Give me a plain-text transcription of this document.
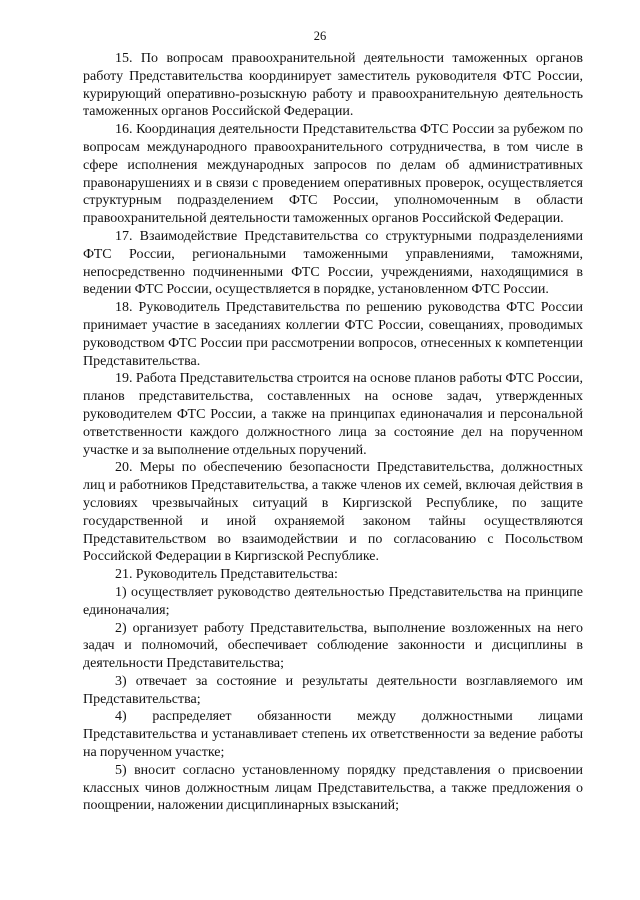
26

15. По вопросам правоохранительной деятельности таможенных органов работу Представительства координирует заместитель руководителя ФТС России, курирующий оперативно-розыскную работу и правоохранительную деятельность таможенных органов Российской Федерации.

16. Координация деятельности Представительства ФТС России за рубежом по вопросам международного правоохранительного сотрудничества, в том числе в сфере исполнения международных запросов по делам об административных правонарушениях и в связи с проведением оперативных проверок, осуществляется структурным подразделением ФТС России, уполномоченным в области правоохранительной деятельности таможенных органов Российской Федерации.

17. Взаимодействие Представительства со структурными подразделениями ФТС России, региональными таможенными управлениями, таможнями, непосредственно подчиненными ФТС России, учреждениями, находящимися в ведении ФТС России, осуществляется в порядке, установленном ФТС России.

18. Руководитель Представительства по решению руководства ФТС России принимает участие в заседаниях коллегии ФТС России, совещаниях, проводимых руководством ФТС России при рассмотрении вопросов, отнесенных к компетенции Представительства.

19. Работа Представительства строится на основе планов работы ФТС России, планов представительства, составленных на основе задач, утвержденных руководителем ФТС России, а также на принципах единоначалия и персональной ответственности каждого должностного лица за состояние дел на порученном участке и за выполнение отдельных поручений.

20. Меры по обеспечению безопасности Представительства, должностных лиц и работников Представительства, а также членов их семей, включая действия в условиях чрезвычайных ситуаций в Киргизской Республике, по защите государственной и иной охраняемой законом тайны осуществляются Представительством во взаимодействии и по согласованию с Посольством Российской Федерации в Киргизской Республике.

21. Руководитель Представительства:

1) осуществляет руководство деятельностью Представительства на принципе единоначалия;

2) организует работу Представительства, выполнение возложенных на него задач и полномочий, обеспечивает соблюдение законности и дисциплины в деятельности Представительства;

3) отвечает за состояние и результаты деятельности возглавляемого им Представительства;

4) распределяет обязанности между должностными лицами Представительства и устанавливает степень их ответственности за ведение работы на порученном участке;

5) вносит согласно установленному порядку представления о присвоении классных чинов должностным лицам Представительства, а также предложения о поощрении, наложении дисциплинарных взысканий;
